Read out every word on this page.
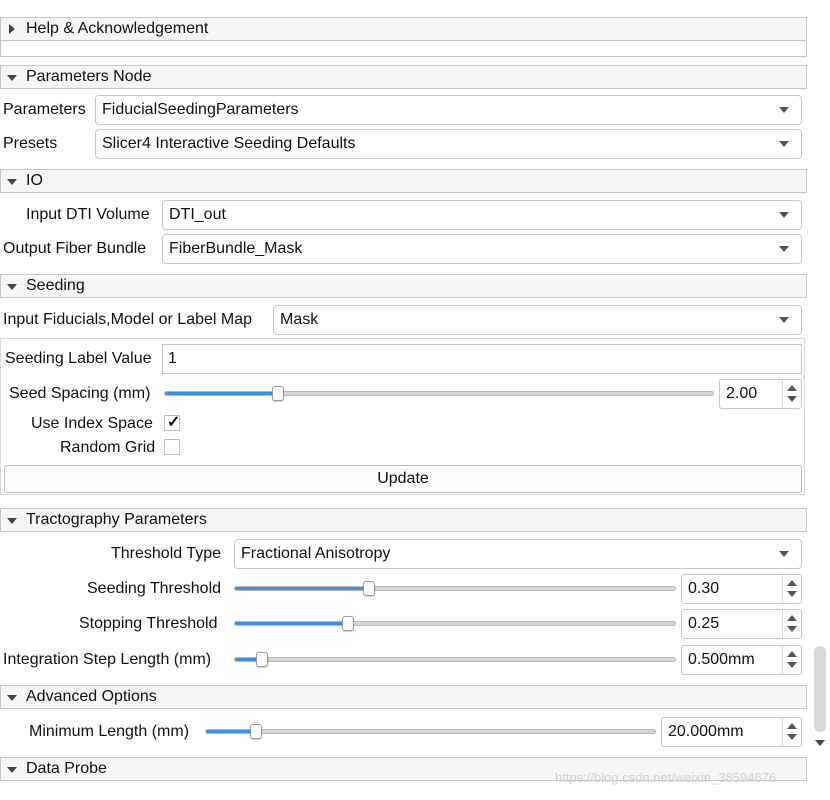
Help & Acknowledgement
Parameters Node
Parameters FiducialSeedingParameters
Presets	Slicer4 Interactive Seeding Defaults
IO
Input DTI Volume DTI_out
Output Fiber Bundle FiberBundle_Mask
Seeding
Input Fiducials,Model or Label Map Mask
Seeding Label Value 1
Seed Spacing (mm)	2.00
Use Index Space ✓
Random Grid
Update
Tractography Parameters
Threshold Type Fractional Anisotropy
Seeding Threshold	0.30
Stopping Threshold	0.25
Integration Step Length (mm)	0.500mm
Advanced Options
Minimum Length (mm)	20.000mm
Data Probe
https://blog.csdn.net/weixin_38594676
